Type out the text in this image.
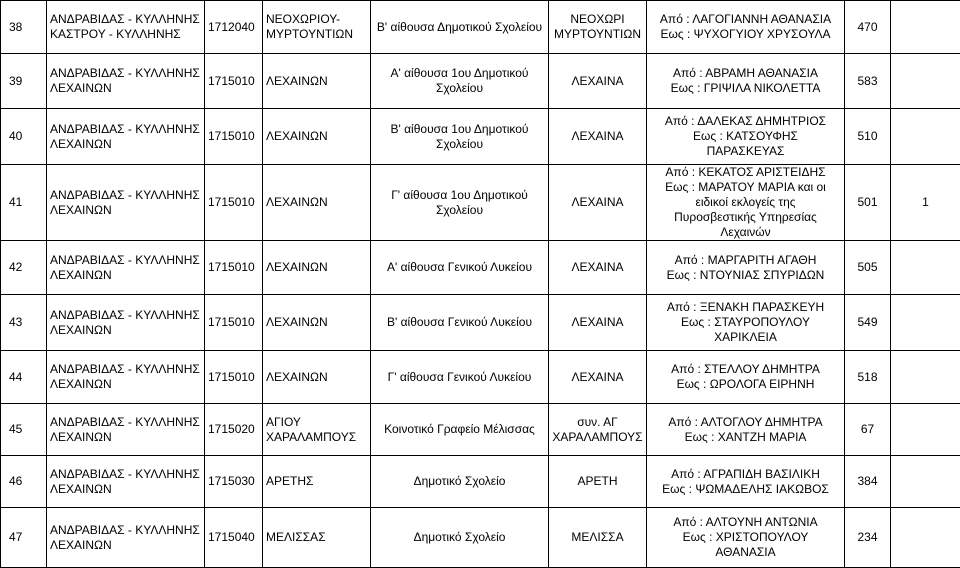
38	ΑΝΔΡΑΒΙΔΑΣ - ΚΥΛΛΗΝΗΣ
ΚΑΣΤΡΟΥ - ΚΥΛΛΗΝΗΣ	1712040	ΝΕΟΧΩΡΙΟΥ-
ΜΥΡΤΟΥΝΤΙΩΝ	Β' αίθουσα Δημοτικού Σχολείου	ΝΕΟΧΩΡΙ
ΜΥΡΤΟΥΝΤΙΩΝ	Από : ΛΑΓΟΓΙΑΝΝΗ ΑΘΑΝΑΣΙΑ
Εως : ΨΥΧΟΓΥΙΟΥ ΧΡΥΣΟΥΛΑ	470	
39	ΑΝΔΡΑΒΙΔΑΣ - ΚΥΛΛΗΝΗΣ
ΛΕΧΑΙΝΩΝ	1715010	ΛΕΧΑΙΝΩΝ	Α' αίθουσα 1ου Δημοτικού
Σχολείου	ΛΕΧΑΙΝΑ	Από : ΑΒΡΑΜΗ ΑΘΑΝΑΣΙΑ
Εως : ΓΡΙΨΙΛΑ ΝΙΚΟΛΕΤΤΑ	583	
40	ΑΝΔΡΑΒΙΔΑΣ - ΚΥΛΛΗΝΗΣ
ΛΕΧΑΙΝΩΝ	1715010	ΛΕΧΑΙΝΩΝ	Β' αίθουσα 1ου Δημοτικού
Σχολείου	ΛΕΧΑΙΝΑ	Από : ΔΑΛΕΚΑΣ ΔΗΜΗΤΡΙΟΣ
Εως : ΚΑΤΣΟΥΦΗΣ
ΠΑΡΑΣΚΕΥΑΣ	510	
41	ΑΝΔΡΑΒΙΔΑΣ - ΚΥΛΛΗΝΗΣ
ΛΕΧΑΙΝΩΝ	1715010	ΛΕΧΑΙΝΩΝ	Γ' αίθουσα 1ου Δημοτικού
Σχολείου	ΛΕΧΑΙΝΑ	Από : ΚΕΚΑΤΟΣ ΑΡΙΣΤΕΙΔΗΣ
Εως : ΜΑΡΑΤΟΥ ΜΑΡΙΑ και οι
ειδικοί εκλογείς της
Πυροσβεστικής Υπηρεσίας
Λεχαινών	501	1
42	ΑΝΔΡΑΒΙΔΑΣ - ΚΥΛΛΗΝΗΣ
ΛΕΧΑΙΝΩΝ	1715010	ΛΕΧΑΙΝΩΝ	Α' αίθουσα Γενικού Λυκείου	ΛΕΧΑΙΝΑ	Από : ΜΑΡΓΑΡΙΤΗ ΑΓΑΘΗ
Εως : ΝΤΟΥΝΙΑΣ ΣΠΥΡΙΔΩΝ	505	
43	ΑΝΔΡΑΒΙΔΑΣ - ΚΥΛΛΗΝΗΣ
ΛΕΧΑΙΝΩΝ	1715010	ΛΕΧΑΙΝΩΝ	Β' αίθουσα Γενικού Λυκείου	ΛΕΧΑΙΝΑ	Από : ΞΕΝΑΚΗ ΠΑΡΑΣΚΕΥΗ
Εως : ΣΤΑΥΡΟΠΟΥΛΟΥ
ΧΑΡΙΚΛΕΙΑ	549	
44	ΑΝΔΡΑΒΙΔΑΣ - ΚΥΛΛΗΝΗΣ
ΛΕΧΑΙΝΩΝ	1715010	ΛΕΧΑΙΝΩΝ	Γ' αίθουσα Γενικού Λυκείου	ΛΕΧΑΙΝΑ	Από : ΣΤΕΛΛΟΥ ΔΗΜΗΤΡΑ
Εως : ΩΡΟΛΟΓΑ ΕΙΡΗΝΗ	518	
45	ΑΝΔΡΑΒΙΔΑΣ - ΚΥΛΛΗΝΗΣ
ΛΕΧΑΙΝΩΝ	1715020	ΑΓΙΟΥ
ΧΑΡΑΛΑΜΠΟΥΣ	Κοινοτικό Γραφείο Μέλισσας	συν. ΑΓ
ΧΑΡΑΛΑΜΠΟΥΣ	Από : ΑΛΤΟΓΛΟΥ ΔΗΜΗΤΡΑ
Εως : ΧΑΝΤΖΗ ΜΑΡΙΑ	67	
46	ΑΝΔΡΑΒΙΔΑΣ - ΚΥΛΛΗΝΗΣ
ΛΕΧΑΙΝΩΝ	1715030	ΑΡΕΤΗΣ	Δημοτικό Σχολείο	ΑΡΕΤΗ	Από : ΑΓΡΑΠΙΔΗ ΒΑΣΙΛΙΚΗ
Εως : ΨΩΜΑΔΕΛΗΣ ΙΑΚΩΒΟΣ	384	
47	ΑΝΔΡΑΒΙΔΑΣ - ΚΥΛΛΗΝΗΣ
ΛΕΧΑΙΝΩΝ	1715040	ΜΕΛΙΣΣΑΣ	Δημοτικό Σχολείο	ΜΕΛΙΣΣΑ	Από : ΑΛΤΟΥΝΗ ΑΝΤΩΝΙΑ
Εως : ΧΡΙΣΤΟΠΟΥΛΟΥ
ΑΘΑΝΑΣΙΑ	234	
